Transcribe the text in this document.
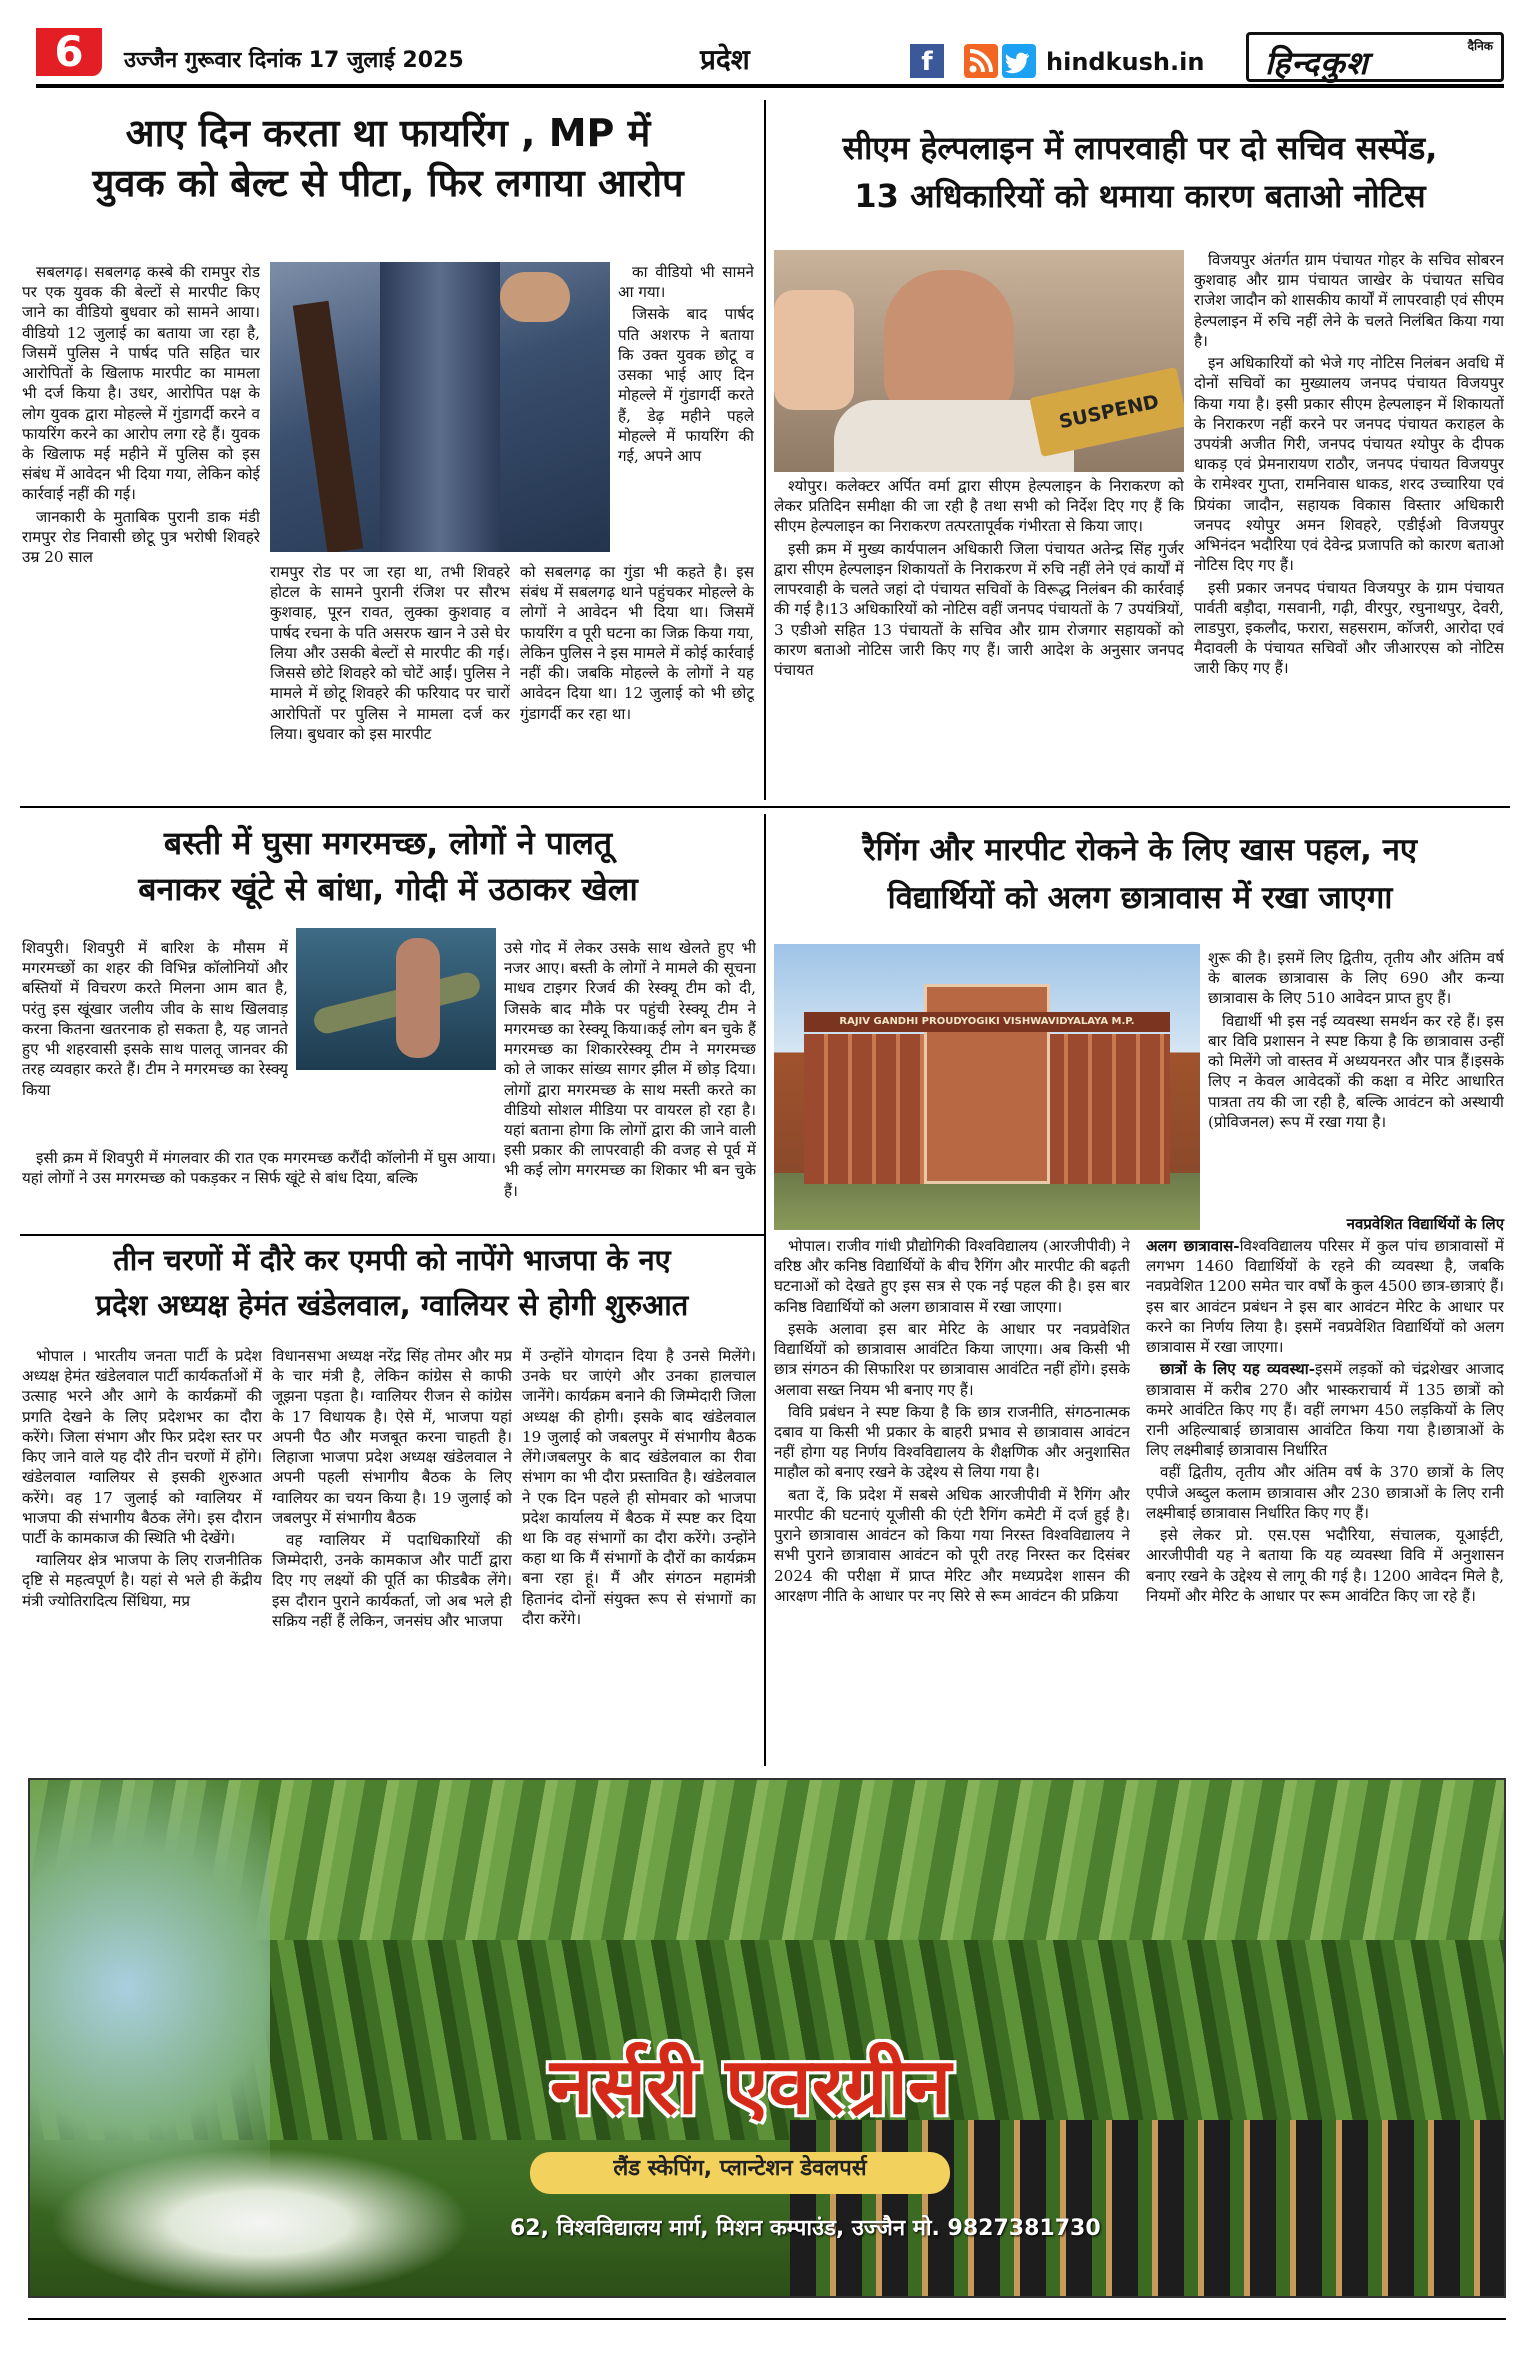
6	उज्जैन गुरूवार दिनांक 17 जुलाई 2025	प्रदेश	f	hindkush.in
दैनिक
हिन्दकुश
आए दिन करता था फायरिंग , MP में
युवक को बेल्ट से पीटा, फिर लगाया आरोप

सबलगढ़। सबलगढ़ कस्बे की रामपुर रोड पर एक युवक की बेल्टों से मारपीट किए जाने का वीडियो बुधवार को सामने आया। वीडियो 12 जुलाई का बताया जा रहा है, जिसमें पुलिस ने पार्षद पति सहित चार आरोपितों के खिलाफ मारपीट का मामला भी दर्ज किया है। उधर, आरोपित पक्ष के लोग युवक द्वारा मोहल्ले में गुंडागर्दी करने व फायरिंग करने का आरोप लगा रहे हैं। युवक के खिलाफ मई महीने में पुलिस को इस संबंध में आवेदन भी दिया गया, लेकिन कोई कार्रवाई नहीं की गई।

जानकारी के मुताबिक पुरानी डाक मंडी रामपुर रोड निवासी छोटू पुत्र भरोषी शिवहरे उम्र 20 साल

रामपुर रोड पर जा रहा था, तभी शिवहरे होटल के सामने पुरानी रंजिश पर सौरभ कुशवाह, पूरन रावत, लुक्का कुशवाह व पार्षद रचना के पति असरफ खान ने उसे घेर लिया और उसकी बेल्टों से मारपीट की गई। जिससे छोटे शिवहरे को चोटें आईं। पुलिस ने मामले में छोटू शिवहरे की फरियाद पर चारों आरोपितों पर पुलिस ने मामला दर्ज कर लिया। बुधवार को इस मारपीट

का वीडियो भी सामने आ गया।

जिसके बाद पार्षद पति अशरफ ने बताया कि उक्त युवक छोटू व उसका भाई आए दिन मोहल्ले में गुंडागर्दी करते हैं, डेढ़ महीने पहले मोहल्ले में फायरिंग की गई, अपने आप

को सबलगढ़ का गुंडा भी कहते है। इस संबंध में सबलगढ़ थाने पहुंचकर मोहल्ले के लोगों ने आवेदन भी दिया था। जिसमें फायरिंग व पूरी घटना का जिक्र किया गया, लेकिन पुलिस ने इस मामले में कोई कार्रवाई नहीं की। जबकि मोहल्ले के लोगों ने यह आवेदन दिया था। 12 जुलाई को भी छोटू गुंडागर्दी कर रहा था।

सीएम हेल्पलाइन में लापरवाही पर दो सचिव सस्पेंड,
13 अधिकारियों को थमाया कारण बताओ नोटिस
SUSPEND

श्योपुर। कलेक्टर अर्पित वर्मा द्वारा सीएम हेल्पलाइन के निराकरण को लेकर प्रतिदिन समीक्षा की जा रही है तथा सभी को निर्देश दिए गए हैं कि सीएम हेल्पलाइन का निराकरण तत्परतापूर्वक गंभीरता से किया जाए।

इसी क्रम में मुख्य कार्यपालन अधिकारी जिला पंचायत अतेन्द्र सिंह गुर्जर द्वारा सीएम हेल्पलाइन शिकायतों के निराकरण में रुचि नहीं लेने एवं कार्यों में लापरवाही के चलते जहां दो पंचायत सचिवों के विरूद्ध निलंबन की कार्रवाई की गई है।13 अधिकारियों को नोटिस वहीं जनपद पंचायतों के 7 उपयंत्रियों, 3 एडीओ सहित 13 पंचायतों के सचिव और ग्राम रोजगार सहायकों को कारण बताओ नोटिस जारी किए गए हैं। जारी आदेश के अनुसार जनपद पंचायत

विजयपुर अंतर्गत ग्राम पंचायत गोहर के सचिव सोबरन कुशवाह और ग्राम पंचायत जाखेर के पंचायत सचिव राजेश जादौन को शासकीय कार्यों में लापरवाही एवं सीएम हेल्पलाइन में रुचि नहीं लेने के चलते निलंबित किया गया है।

इन अधिकारियों को भेजे गए नोटिस निलंबन अवधि में दोनों सचिवों का मुख्यालय जनपद पंचायत विजयपुर किया गया है। इसी प्रकार सीएम हेल्पलाइन में शिकायतों के निराकरण नहीं करने पर जनपद पंचायत कराहल के उपयंत्री अजीत गिरी, जनपद पंचायत श्योपुर के दीपक धाकड़ एवं प्रेमनारायण राठौर, जनपद पंचायत विजयपुर के रामेश्वर गुप्ता, रामनिवास धाकड, शरद उच्चारिया एवं प्रियंका जादौन, सहायक विकास विस्तार अधिकारी जनपद श्योपुर अमन शिवहरे, एडीईओ विजयपुर अभिनंदन भदौरिया एवं देवेन्द्र प्रजापति को कारण बताओ नोटिस दिए गए हैं।

इसी प्रकार जनपद पंचायत विजयपुर के ग्राम पंचायत पार्वती बड़ौदा, गसवानी, गढ़ी, वीरपुर, रघुनाथपुर, देवरी, लाडपुरा, इकलौद, फरारा, सहसराम, कॉजरी, आरोदा एवं मैदावली के पंचायत सचिवों और जीआरएस को नोटिस जारी किए गए हैं।

बस्ती में घुसा मगरमच्छ, लोगों ने पालतू
बनाकर खूंटे से बांधा, गोदी में उठाकर खेला

शिवपुरी। शिवपुरी में बारिश के मौसम में मगरमच्छों का शहर की विभिन्न कॉलोनियों और बस्तियों में विचरण करते मिलना आम बात है, परंतु इस खूंखार जलीय जीव के साथ खिलवाड़ करना कितना खतरनाक हो सकता है, यह जानते हुए भी शहरवासी इसके साथ पालतू जानवर की तरह व्यवहार करते हैं। टीम ने मगरमच्छ का रेस्क्यू किया

उसे गोद में लेकर उसके साथ खेलते हुए भी नजर आए। बस्ती के लोगों ने मामले की सूचना माधव टाइगर रिजर्व की रेस्क्यू टीम को दी, जिसके बाद मौके पर पहुंची रेस्क्यू टीम ने मगरमच्छ का रेस्क्यू किया।कई लोग बन चुके हैं मगरमच्छ का शिकाररेस्क्यू टीम ने मगरमच्छ को ले जाकर सांख्य सागर झील में छोड़ दिया। लोगों द्वारा मगरमच्छ के साथ मस्ती करते का वीडियो सोशल मीडिया पर वायरल हो रहा है। यहां बताना होगा कि लोगों द्वारा की जाने वाली इसी प्रकार की लापरवाही की वजह से पूर्व में भी कई लोग मगरमच्छ का शिकार भी बन चुके हैं।

इसी क्रम में शिवपुरी में मंगलवार की रात एक मगरमच्छ करौंदी कॉलोनी में घुस आया। यहां लोगों ने उस मगरमच्छ को पकड़कर न सिर्फ खूंटे से बांध दिया, बल्कि

तीन चरणों में दौरे कर एमपी को नापेंगे भाजपा के नए
प्रदेश अध्यक्ष हेमंत खंडेलवाल, ग्वालियर से होगी शुरुआत

भोपाल । भारतीय जनता पार्टी के प्रदेश अध्यक्ष हेमंत खंडेलवाल पार्टी कार्यकर्ताओं में उत्साह भरने और आगे के कार्यक्रमों की प्रगति देखने के लिए प्रदेशभर का दौरा करेंगे। जिला संभाग और फिर प्रदेश स्तर पर किए जाने वाले यह दौरे तीन चरणों में होंगे। खंडेलवाल ग्वालियर से इसकी शुरुआत करेंगे। वह 17 जुलाई को ग्वालियर में भाजपा की संभागीय बैठक लेंगे। इस दौरान पार्टी के कामकाज की स्थिति भी देखेंगे।

ग्वालियर क्षेत्र भाजपा के लिए राजनीतिक दृष्टि से महत्वपूर्ण है। यहां से भले ही केंद्रीय मंत्री ज्योतिरादित्य सिंधिया, मप्र

विधानसभा अध्यक्ष नरेंद्र सिंह तोमर और मप्र के चार मंत्री है, लेकिन कांग्रेस से काफी जूझना पड़ता है। ग्वालियर रीजन से कांग्रेस के 17 विधायक है। ऐसे में, भाजपा यहां अपनी पैठ और मजबूत करना चाहती है। लिहाजा भाजपा प्रदेश अध्यक्ष खंडेलवाल ने अपनी पहली संभागीय बैठक के लिए ग्वालियर का चयन किया है। 19 जुलाई को जबलपुर में संभागीय बैठक

वह ग्वालियर में पदाधिकारियों की जिम्मेदारी, उनके कामकाज और पार्टी द्वारा दिए गए लक्ष्यों की पूर्ति का फीडबैक लेंगे। इस दौरान पुराने कार्यकर्ता, जो अब भले ही सक्रिय नहीं हैं लेकिन, जनसंघ और भाजपा

में उन्होंने योगदान दिया है उनसे मिलेंगे। उनके घर जाएंगे और उनका हालचाल जानेंगे। कार्यक्रम बनाने की जिम्मेदारी जिला अध्यक्ष की होगी। इसके बाद खंडेलवाल 19 जुलाई को जबलपुर में संभागीय बैठक लेंगे।जबलपुर के बाद खंडेलवाल का रीवा संभाग का भी दौरा प्रस्तावित है। खंडेलवाल ने एक दिन पहले ही सोमवार को भाजपा प्रदेश कार्यालय में बैठक में स्पष्ट कर दिया था कि वह संभागों का दौरा करेंगे। उन्होंने कहा था कि मैं संभागों के दौरों का कार्यक्रम बना रहा हूं। मैं और संगठन महामंत्री हितानंद दोनों संयुक्त रूप से संभागों का दौरा करेंगे।

रैगिंग और मारपीट रोकने के लिए खास पहल, नए
विद्यार्थियों को अलग छात्रावास में रखा जाएगा
RAJIV GANDHI PROUDYOGIKI VISHWAVIDYALAYA M.P.

शुरू की है। इसमें लिए द्वितीय, तृतीय और अंतिम वर्ष के बालक छात्रावास के लिए 690 और कन्या छात्रावास के लिए 510 आवेदन प्राप्त हुए हैं।

विद्यार्थी भी इस नई व्यवस्था समर्थन कर रहे हैं। इस बार विवि प्रशासन ने स्पष्ट किया है कि छात्रावास उन्हीं को मिलेंगे जो वास्तव में अध्ययनरत और पात्र हैं।इसके लिए न केवल आवेदकों की कक्षा व मेरिट आधारित पात्रता तय की जा रही है, बल्कि आवंटन को अस्थायी (प्रोविजनल) रूप में रखा गया है।

नवप्रवेशित विद्यार्थियों के लिए

भोपाल। राजीव गांधी प्रौद्योगिकी विश्वविद्यालय (आरजीपीवी) ने वरिष्ठ और कनिष्ठ विद्यार्थियों के बीच रैगिंग और मारपीट की बढ़ती घटनाओं को देखते हुए इस सत्र से एक नई पहल की है। इस बार कनिष्ठ विद्यार्थियों को अलग छात्रावास में रखा जाएगा।

इसके अलावा इस बार मेरिट के आधार पर नवप्रवेशित विद्यार्थियों को छात्रावास आवंटित किया जाएगा। अब किसी भी छात्र संगठन की सिफारिश पर छात्रावास आवंटित नहीं होंगे। इसके अलावा सख्त नियम भी बनाए गए हैं।

विवि प्रबंधन ने स्पष्ट किया है कि छात्र राजनीति, संगठनात्मक दबाव या किसी भी प्रकार के बाहरी प्रभाव से छात्रावास आवंटन नहीं होगा यह निर्णय विश्वविद्यालय के शैक्षणिक और अनुशासित माहौल को बनाए रखने के उद्देश्य से लिया गया है।

बता दें, कि प्रदेश में सबसे अधिक आरजीपीवी में रैगिंग और मारपीट की घटनाएं यूजीसी की एंटी रैगिंग कमेटी में दर्ज हुई है।पुराने छात्रावास आवंटन को किया गया निरस्त विश्वविद्यालय ने सभी पुराने छात्रावास आवंटन को पूरी तरह निरस्त कर दिसंबर 2024 की परीक्षा में प्राप्त मेरिट और मध्यप्रदेश शासन की आरक्षण नीति के आधार पर नए सिरे से रूम आवंटन की प्रक्रिया

अलग छात्रावास-विश्वविद्यालय परिसर में कुल पांच छात्रावासों में लगभग 1460 विद्यार्थियों के रहने की व्यवस्था है, जबकि नवप्रवेशित 1200 समेत चार वर्षों के कुल 4500 छात्र-छात्राएं हैं।इस बार आवंटन प्रबंधन ने इस बार आवंटन मेरिट के आधार पर करने का निर्णय लिया है। इसमें नवप्रवेशित विद्यार्थियों को अलग छात्रावास में रखा जाएगा।

छात्रों के लिए यह व्यवस्था-इसमें लड़कों को चंद्रशेखर आजाद छात्रावास में करीब 270 और भास्कराचार्य में 135 छात्रों को कमरे आवंटित किए गए हैं। वहीं लगभग 450 लड़कियों के लिए रानी अहिल्याबाई छात्रावास आवंटित किया गया है।छात्राओं के लिए लक्ष्मीबाई छात्रावास निर्धारित

वहीं द्वितीय, तृतीय और अंतिम वर्ष के 370 छात्रों के लिए एपीजे अब्दुल कलाम छात्रावास और 230 छात्राओं के लिए रानी लक्ष्मीबाई छात्रावास निर्धारित किए गए हैं।

इसे लेकर प्रो. एस.एस भदौरिया, संचालक, यूआईटी, आरजीपीवी यह ने बताया कि यह व्यवस्था विवि में अनुशासन बनाए रखने के उद्देश्य से लागू की गई है। 1200 आवेदन मिले है, नियमों और मेरिट के आधार पर रूम आवंटित किए जा रहे हैं।

नर्सरी एवरग्रीन
लैंड स्केपिंग, प्लान्टेशन डेवलपर्स
62, विश्वविद्यालय मार्ग, मिशन कम्पाउंड, उज्जैन मो. 9827381730
